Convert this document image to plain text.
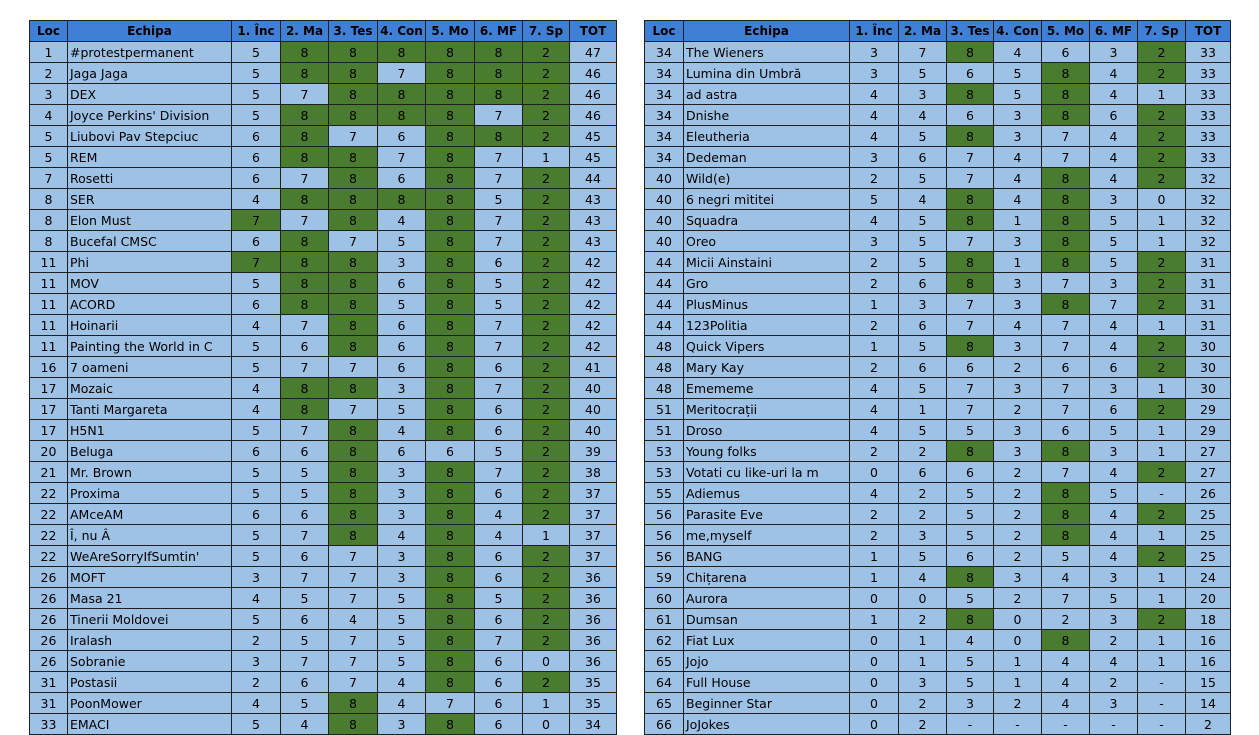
Loc	Echipa	1. Înc	2. Ma	3. Tes	4. Con	5. Mo	6. MF	7. Sp	TOT
1	#protestpermanent	5	8	8	8	8	8	2	47
2	Jaga Jaga	5	8	8	7	8	8	2	46
3	DEX	5	7	8	8	8	8	2	46
4	Joyce Perkins' Division	5	8	8	8	8	7	2	46
5	Liubovi Pav Stepciuc	6	8	7	6	8	8	2	45
5	REM	6	8	8	7	8	7	1	45
7	Rosetti	6	7	8	6	8	7	2	44
8	SER	4	8	8	8	8	5	2	43
8	Elon Must	7	7	8	4	8	7	2	43
8	Bucefal CMSC	6	8	7	5	8	7	2	43
11	Phi	7	8	8	3	8	6	2	42
11	MOV	5	8	8	6	8	5	2	42
11	ACORD	6	8	8	5	8	5	2	42
11	Hoinarii	4	7	8	6	8	7	2	42
11	Painting the World in C	5	6	8	6	8	7	2	42
16	7 oameni	5	7	7	6	8	6	2	41
17	Mozaic	4	8	8	3	8	7	2	40
17	Tanti Margareta	4	8	7	5	8	6	2	40
17	H5N1	5	7	8	4	8	6	2	40
20	Beluga	6	6	8	6	6	5	2	39
21	Mr. Brown	5	5	8	3	8	7	2	38
22	Proxima	5	5	8	3	8	6	2	37
22	AMceAM	6	6	8	3	8	4	2	37
22	Î, nu Â	5	7	8	4	8	4	1	37
22	WeAreSorryIfSumtin'	5	6	7	3	8	6	2	37
26	MOFT	3	7	7	3	8	6	2	36
26	Masa 21	4	5	7	5	8	5	2	36
26	Tinerii Moldovei	5	6	4	5	8	6	2	36
26	Iralash	2	5	7	5	8	7	2	36
26	Sobranie	3	7	7	5	8	6	0	36
31	Postasii	2	6	7	4	8	6	2	35
31	PoonMower	4	5	8	4	7	6	1	35
33	EMACI	5	4	8	3	8	6	0	34
Loc	Echipa	1. Înc	2. Ma	3. Tes	4. Con	5. Mo	6. MF	7. Sp	TOT
34	The Wieners	3	7	8	4	6	3	2	33
34	Lumina din Umbră	3	5	6	5	8	4	2	33
34	ad astra	4	3	8	5	8	4	1	33
34	Dnishe	4	4	6	3	8	6	2	33
34	Eleutheria	4	5	8	3	7	4	2	33
34	Dedeman	3	6	7	4	7	4	2	33
40	Wild(e)	2	5	7	4	8	4	2	32
40	6 negri mititei	5	4	8	4	8	3	0	32
40	Squadra	4	5	8	1	8	5	1	32
40	Oreo	3	5	7	3	8	5	1	32
44	Micii Ainstaini	2	5	8	1	8	5	2	31
44	Gro	2	6	8	3	7	3	2	31
44	PlusMinus	1	3	7	3	8	7	2	31
44	123Politia	2	6	7	4	7	4	1	31
48	Quick Vipers	1	5	8	3	7	4	2	30
48	Mary Kay	2	6	6	2	6	6	2	30
48	Emememe	4	5	7	3	7	3	1	30
51	Meritocrații	4	1	7	2	7	6	2	29
51	Droso	4	5	5	3	6	5	1	29
53	Young folks	2	2	8	3	8	3	1	27
53	Votati cu like-uri la m	0	6	6	2	7	4	2	27
55	Adiemus	4	2	5	2	8	5	-	26
56	Parasite Eve	2	2	5	2	8	4	2	25
56	me,myself	2	3	5	2	8	4	1	25
56	BANG	1	5	6	2	5	4	2	25
59	Chițarena	1	4	8	3	4	3	1	24
60	Aurora	0	0	5	2	7	5	1	20
61	Dumsan	1	2	8	0	2	3	2	18
62	Fiat Lux	0	1	4	0	8	2	1	16
65	Jojo	0	1	5	1	4	4	1	16
64	Full House	0	3	5	1	4	2	-	15
65	Beginner Star	0	2	3	2	4	3	-	14
66	JoJokes	0	2	-	-	-	-	-	2
